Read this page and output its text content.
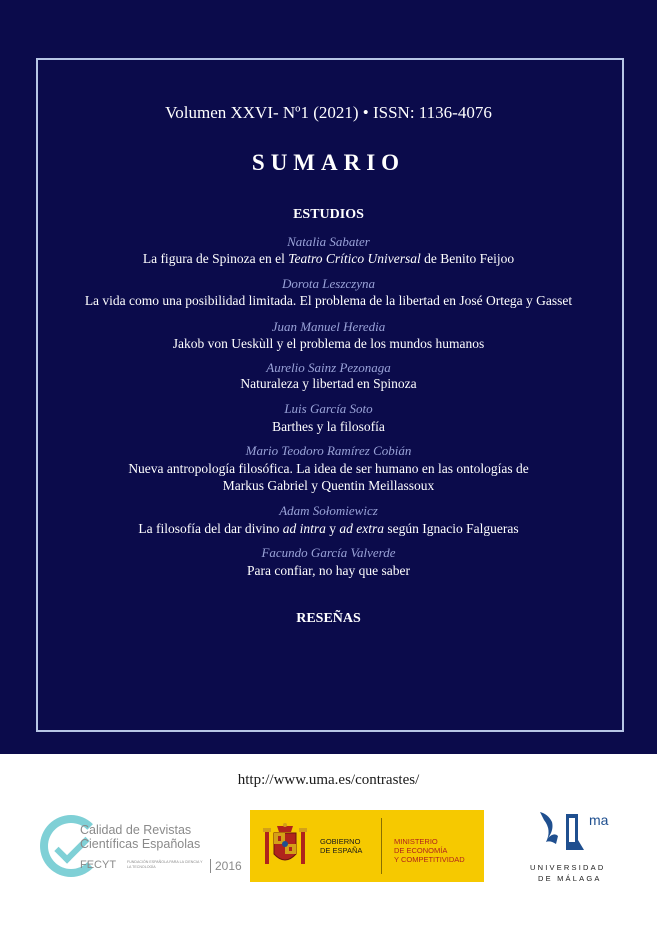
Volumen XXVI- Nº1 (2021) • ISSN: 1136-4076
SUMARIO
ESTUDIOS
Natalia Sabater
La figura de Spinoza en el Teatro Crítico Universal de Benito Feijoo
Dorota Leszczyna
La vida como una posibilidad limitada. El problema de la libertad en José Ortega y Gasset
Juan Manuel Heredia
Jakob von Ueskùll y el problema de los mundos humanos
Aurelio Sainz Pezonaga
Naturaleza y libertad en Spinoza
Luis García Soto
Barthes y la filosofía
Mario Teodoro Ramírez Cobián
Nueva antropología filosófica. La idea de ser humano en las ontologías de
Markus Gabriel y Quentin Meillassoux
Adam Sołomiewicz
La filosofía del dar divino ad intra y ad extra según Ignacio Falgueras
Facundo García Valverde
Para confiar, no hay que saber
RESEÑAS
http://www.uma.es/contrastes/
Calidad de Revistas
Científicas Españolas
FECYT	FUNDACIÓN ESPAÑOLA PARA LA CIENCIA Y LA TECNOLOGÍA	2016
GOBIERNO
DE ESPAÑA
MINISTERIO
DE ECONOMÍA
Y COMPETITIVIDAD
ma
UNIVERSIDAD
DE MÁLAGA
